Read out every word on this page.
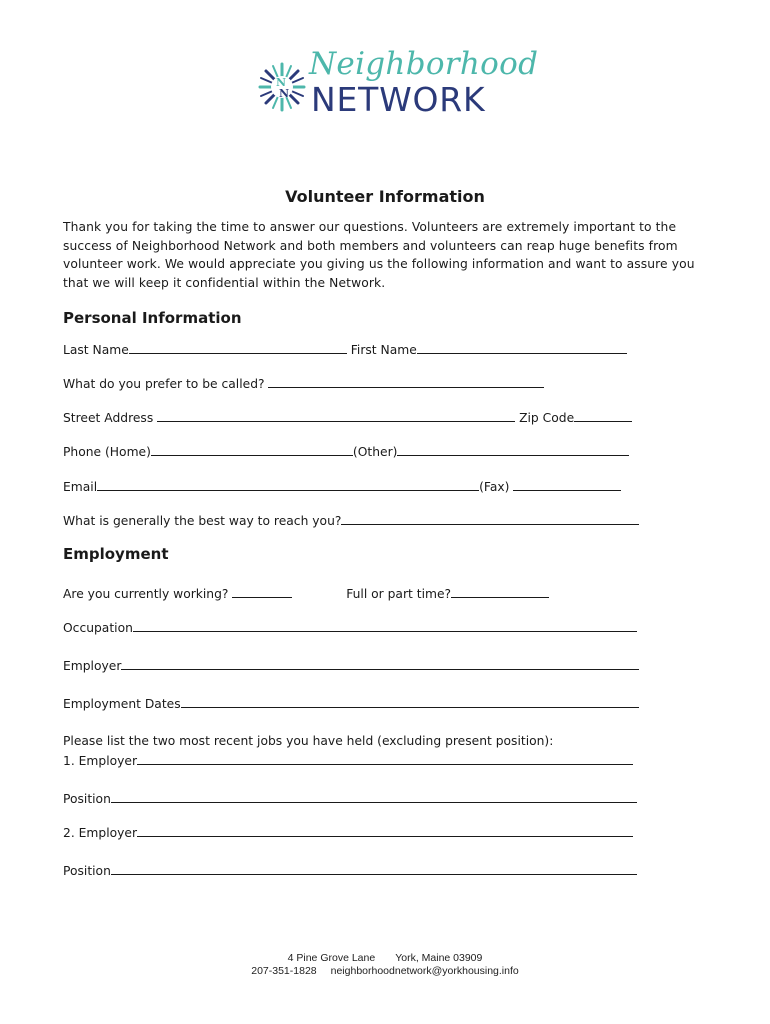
N
N
Neighborhood
NETWORK
Volunteer Information
Thank you for taking the time to answer our questions. Volunteers are extremely important to the success of Neighborhood Network and both members and volunteers can reap huge benefits from volunteer work. We would appreciate you giving us the following information and want to assure you that we will keep it confidential within the Network.
Personal Information
Last Name	First Name
What do you prefer to be called?
Street Address	Zip Code
Phone (Home)	(Other)
Email	(Fax)
What is generally the best way to reach you?
Employment
Are you currently working?	Full or part time?
Occupation
Employer
Employment Dates
Please list the two most recent jobs you have held (excluding present position):
1. Employer
Position
2. Employer
Position
4 Pine Grove Lane York, Maine 03909
207-351-1828 neighborhoodnetwork@yorkhousing.info
